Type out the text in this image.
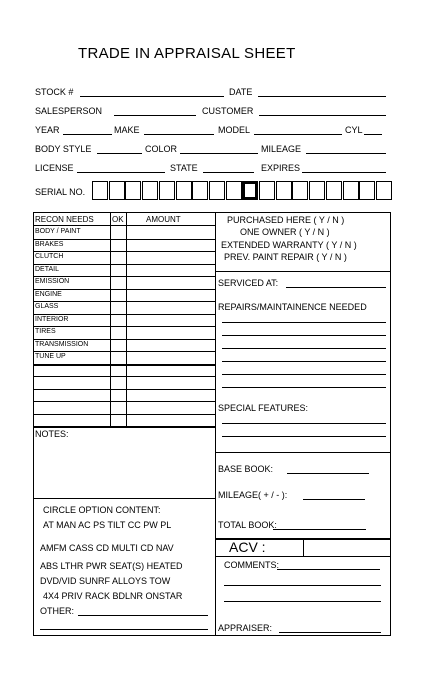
TRADE IN APPRAISAL SHEET
STOCK #	DATE
SALESPERSON	CUSTOMER
YEAR	MAKE	MODEL	CYL
BODY STYLE	COLOR	MILEAGE
LICENSE	STATE	EXPIRES
SERIAL NO.
RECON NEEDS OK	AMOUNT
BODY / PAINT
BRAKES
CLUTCH
DETAIL
EMISSION
ENGINE
GLASS
INTERIOR
TIRES
TRANSMISSION
TUNE UP
PURCHASED HERE ( Y / N )
ONE OWNER ( Y / N )
EXTENDED WARRANTY ( Y / N )
PREV. PAINT REPAIR ( Y / N )
SERVICED AT:
REPAIRS/MAINTAINENCE NEEDED
SPECIAL FEATURES:
BASE BOOK:
MILEAGE( + / - ):
TOTAL BOOK:
ACV :
COMMENTS:
APPRAISER:
NOTES:
CIRCLE OPTION CONTENT:
AT MAN AC PS TILT CC PW PL
AMFM CASS CD MULTI CD NAV
ABS LTHR PWR SEAT(S) HEATED
DVD/VID SUNRF ALLOYS TOW
4X4 PRIV RACK BDLNR ONSTAR
OTHER:
